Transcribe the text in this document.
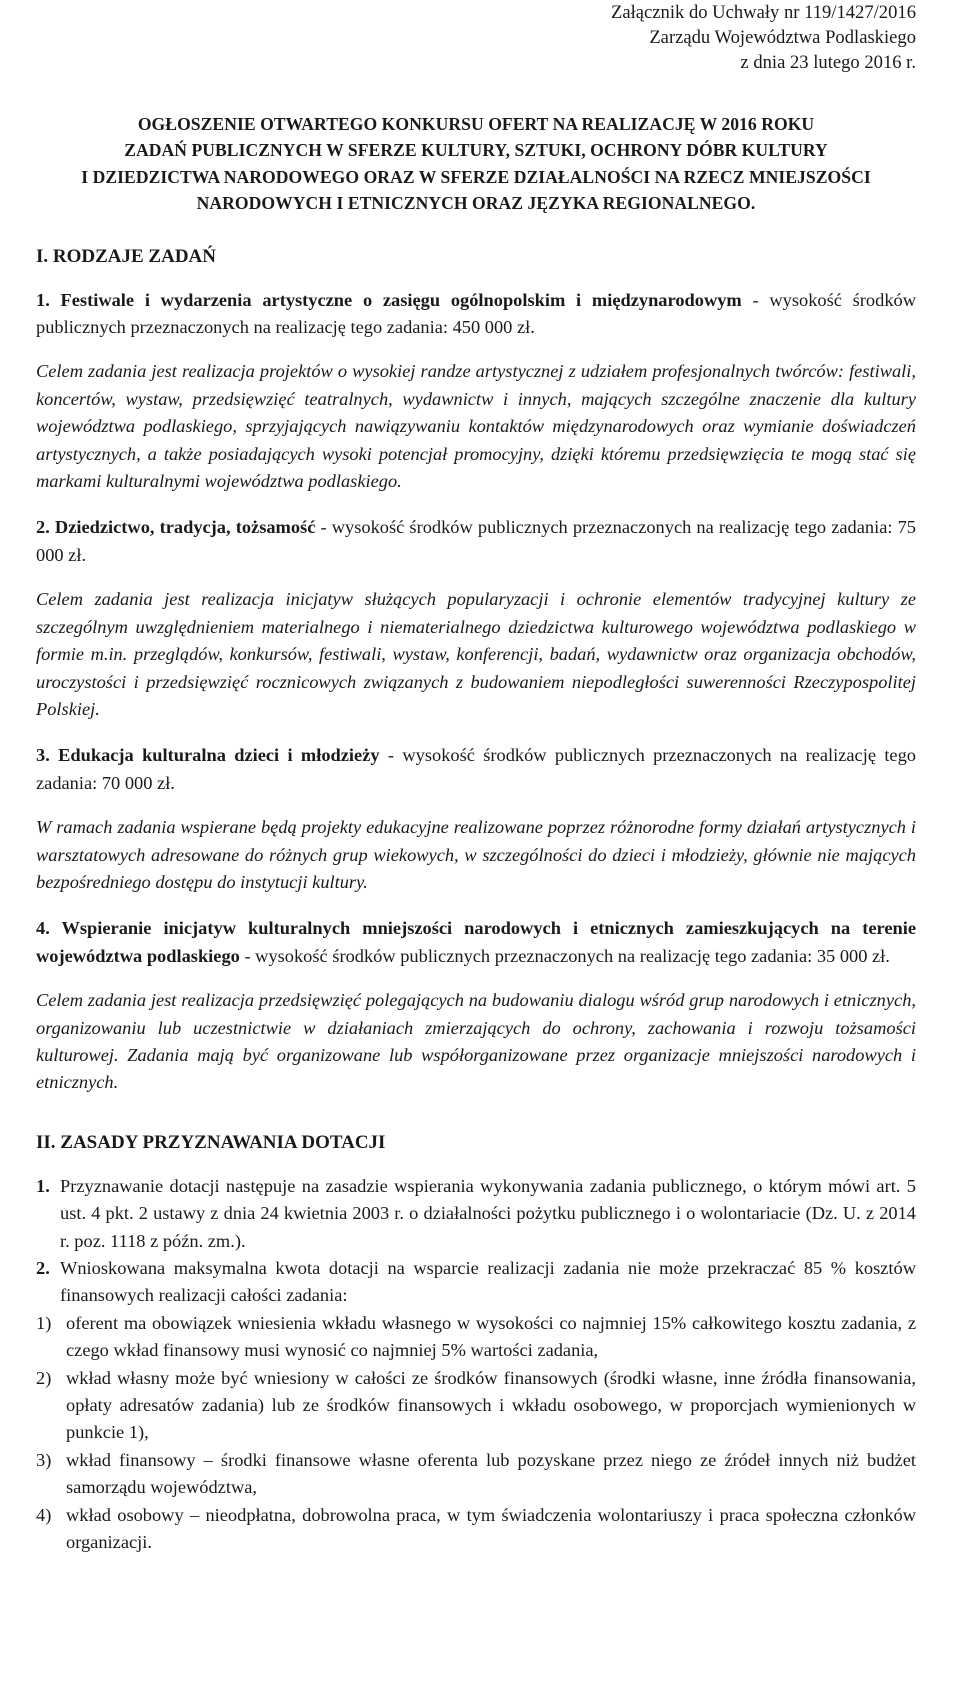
Załącznik do Uchwały nr 119/1427/2016
Zarządu Województwa Podlaskiego
z dnia 23 lutego 2016 r.
OGŁOSZENIE OTWARTEGO KONKURSU OFERT NA REALIZACJĘ W 2016 ROKU
ZADAŃ PUBLICZNYCH W SFERZE KULTURY, SZTUKI, OCHRONY DÓBR KULTURY
I DZIEDZICTWA NARODOWEGO ORAZ W SFERZE DZIAŁALNOŚCI NA RZECZ MNIEJSZOŚCI
NARODOWYCH I ETNICZNYCH ORAZ JĘZYKA REGIONALNEGO.
I. RODZAJE ZADAŃ

1. Festiwale i wydarzenia artystyczne o zasięgu ogólnopolskim i międzynarodowym - wysokość środków publicznych przeznaczonych na realizację tego zadania: 450 000 zł.

Celem zadania jest realizacja projektów o wysokiej randze artystycznej z udziałem profesjonalnych twórców: festiwali, koncertów, wystaw, przedsięwzięć teatralnych, wydawnictw i innych, mających szczególne znaczenie dla kultury województwa podlaskiego, sprzyjających nawiązywaniu kontaktów międzynarodowych oraz wymianie doświadczeń artystycznych, a także posiadających wysoki potencjał promocyjny, dzięki któremu przedsięwzięcia te mogą stać się markami kulturalnymi województwa podlaskiego.

2. Dziedzictwo, tradycja, tożsamość - wysokość środków publicznych przeznaczonych na realizację tego zadania: 75 000 zł.

Celem zadania jest realizacja inicjatyw służących popularyzacji i ochronie elementów tradycyjnej kultury ze szczególnym uwzględnieniem materialnego i niematerialnego dziedzictwa kulturowego województwa podlaskiego w formie m.in. przeglądów, konkursów, festiwali, wystaw, konferencji, badań, wydawnictw oraz organizacja obchodów, uroczystości i przedsięwzięć rocznicowych związanych z budowaniem niepodległości suwerenności Rzeczypospolitej Polskiej.

3. Edukacja kulturalna dzieci i młodzieży - wysokość środków publicznych przeznaczonych na realizację tego zadania: 70 000 zł.

W ramach zadania wspierane będą projekty edukacyjne realizowane poprzez różnorodne formy działań artystycznych i warsztatowych adresowane do różnych grup wiekowych, w szczególności do dzieci i młodzieży, głównie nie mających bezpośredniego dostępu do instytucji kultury.

4. Wspieranie inicjatyw kulturalnych mniejszości narodowych i etnicznych zamieszkujących na terenie województwa podlaskiego - wysokość środków publicznych przeznaczonych na realizację tego zadania: 35 000 zł.

Celem zadania jest realizacja przedsięwzięć polegających na budowaniu dialogu wśród grup narodowych i etnicznych, organizowaniu lub uczestnictwie w działaniach zmierzających do ochrony, zachowania i rozwoju tożsamości kulturowej. Zadania mają być organizowane lub współorganizowane przez organizacje mniejszości narodowych i etnicznych.

II. ZASADY PRZYZNAWANIA DOTACJI
1. Przyznawanie dotacji następuje na zasadzie wspierania wykonywania zadania publicznego, o którym mówi art. 5 ust. 4 pkt. 2 ustawy z dnia 24 kwietnia 2003 r. o działalności pożytku publicznego i o wolontariacie (Dz. U. z 2014 r. poz. 1118 z późn. zm.).
2. Wnioskowana maksymalna kwota dotacji na wsparcie realizacji zadania nie może przekraczać 85 % kosztów finansowych realizacji całości zadania:
1) oferent ma obowiązek wniesienia wkładu własnego w wysokości co najmniej 15% całkowitego kosztu zadania, z czego wkład finansowy musi wynosić co najmniej 5% wartości zadania,
2) wkład własny może być wniesiony w całości ze środków finansowych (środki własne, inne źródła finansowania, opłaty adresatów zadania) lub ze środków finansowych i wkładu osobowego, w proporcjach wymienionych w punkcie 1),
3) wkład finansowy – środki finansowe własne oferenta lub pozyskane przez niego ze źródeł innych niż budżet samorządu województwa,
4) wkład osobowy – nieodpłatna, dobrowolna praca, w tym świadczenia wolontariuszy i praca społeczna członków organizacji.
